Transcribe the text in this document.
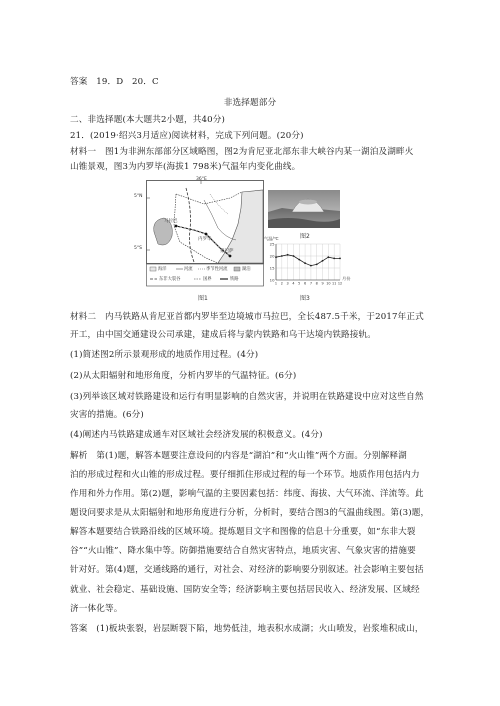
答案　19．D　20．C
非选择题部分
二、非选择题(本大题共2小题，共40分)
21．(2019·绍兴3月适应)阅读材料，完成下列问题。(20分)
材料一　图1为非洲东部部分区域略图，图2为肯尼亚北部东非大峡谷内某一湖泊及湖畔火
山锥景观，图3为内罗毕(海拔1 798米)气温年内变化曲线。
36°E
5°N
5°S
马拉巴
内罗毕
蒙巴萨
海洋	河流	季节性河流	湖泊
东非大裂谷	国界	铁路
图1
图2
25
20
15
10
1 2 3 4 5 6 7 8 9 10 11 12
气温/℃
月份
图3
材料二　内马铁路从肯尼亚首都内罗毕至边境城市马拉巴，全长487.5千米，于2017年正式
开工，由中国交通建设公司承建，建成后将与蒙内铁路和乌干达境内铁路接轨。
(1)简述图2所示景观形成的地质作用过程。(4分)
(2)从太阳辐射和地形角度，分析内罗毕的气温特征。(6分)
(3)列举该区域对铁路建设和运行有明显影响的自然灾害，并说明在铁路建设中应对这些自然
灾害的措施。(6分)
(4)阐述内马铁路建成通车对区域社会经济发展的积极意义。(4分)
解析　第(1)题，解答本题要注意设问的内容是“湖泊”和“火山锥”两个方面。分别解释湖
泊的形成过程和火山锥的形成过程。要仔细抓住形成过程的每一个环节。地质作用包括内力
作用和外力作用。第(2)题，影响气温的主要因素包括：纬度、海拔、大气环流、洋流等。此
题设问要求是从太阳辐射和地形角度进行分析，分析时，要结合图3的气温曲线图。第(3)题，
解答本题要结合铁路沿线的区域环境。提炼题目文字和图像的信息十分重要，如“东非大裂
谷”“火山锥”、降水集中等。防御措施要结合自然灾害特点，地质灾害、气象灾害的措施要
针对好。第(4)题，交通线路的通行，对社会、对经济的影响要分别叙述。社会影响主要包括
就业、社会稳定、基础设施、国防安全等；经济影响主要包括居民收入、经济发展、区域经
济一体化等。
答案　(1)板块张裂，岩层断裂下陷，地势低洼，地表积水成湖；火山喷发，岩浆堆积成山，
